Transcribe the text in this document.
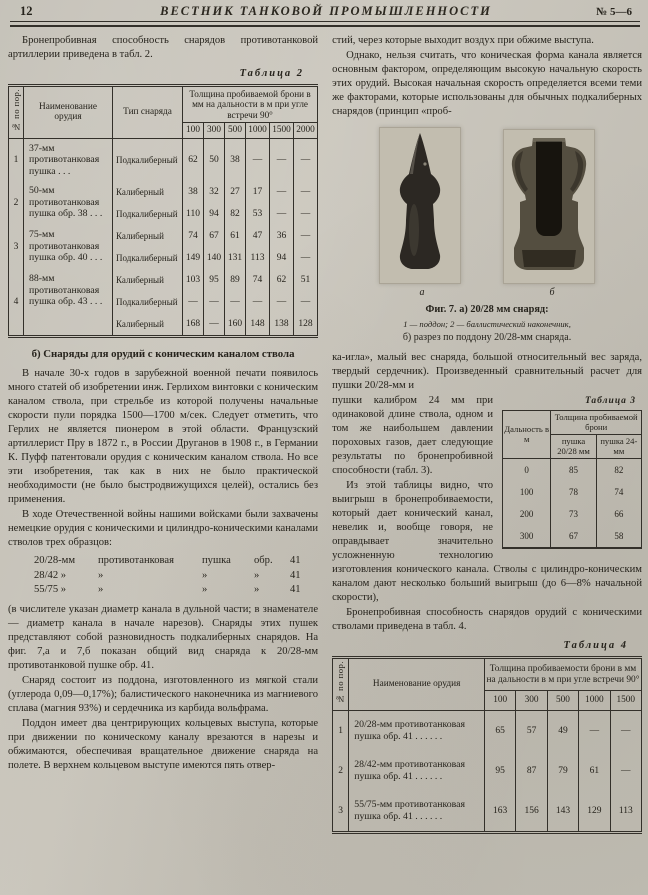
12	ВЕСТНИК ТАНКОВОЙ ПРОМЫШЛЕННОСТИ	№ 5—6

Бронепробивная способность снарядов противотанковой артиллерии приведена в табл. 2.

Таблица 2
№ по пор.	Наименование орудия	Тип снаряда	Толщина пробиваемой брони в мм на дальности в м при угле встречи 90°					
			100	300	500	1000	1500	2000
1	37-мм противотанковая пушка . . .	Подкалиберный	62	50	38	—	—	—
2	50-мм противотанковая пушка обр. 38 . . .	Калиберный	38	32	27	17	—	—
		Подкалиберный	110	94	82	53	—	—
3	75-мм противотанковая пушка обр. 40 . . .	Калиберный	74	67	61	47	36	—
		Подкалиберный	149	140	131	113	94	—
4	88-мм противотанковая пушка обр. 43 . . .	Калиберный	103	95	89	74	62	51
		Подкалиберный	—	—	—	—	—	—
		Калиберный	168	—	160	148	138	128
б) Снаряды для орудий с коническим каналом ствола

В начале 30-х годов в зарубежной военной печати появилось много статей об изобретении инж. Герлихом винтовки с коническим каналом ствола, при стрельбе из которой получены начальные скорости пули порядка 1500—1700 м/сек. Следует отметить, что Герлих не является пионером в этой области. Французский артиллерист Пру в 1872 г., в России Друганов в 1908 г., в Германии К. Пуфф патентовали орудия с коническим каналом ствола. Но все эти изобретения, так как в них не было практической необходимости (не было быстродвижущихся целей), остались без применения.

В ходе Отечественной войны нашими войсками были захвачены немецкие орудия с коническими и цилиндро-коническими каналами стволов трех образцов:

20/28-мм	противотанковая	пушка	обр.	41
28/42 »	»	»	»	41
55/75 »	»	»	»	41

(в числителе указан диаметр канала в дульной части; в знаменателе — диаметр канала в начале нарезов). Снаряды этих пушек представляют собой разновидность подкалиберных снарядов. На фиг. 7,а и 7,б показан общий вид снаряда к 20/28-мм противотанковой пушке обр. 41.

Снаряд состоит из поддона, изготовленного из мягкой стали (углерода 0,09—0,17%); балистического наконечника из магниевого сплава (магния 93%) и сердечника из карбида вольфрама.

Поддон имеет два центрирующих кольцевых выступа, которые при движении по коническому каналу врезаются в нарезы и обжимаются, обеспечивая вращательное движение снаряда на полете. В верхнем кольцевом выступе имеются пять отвер-

стий, через которые выходит воздух при обжиме выступа.

Однако, нельзя считать, что коническая форма канала является основным фактором, определяющим высокую начальную скорость этих орудий. Высокая начальная скорость определяется всеми теми же факторами, которые использованы для обычных подкалиберных снарядов (принцип «проб-

а	б
Фиг. 7. а) 20/28 мм снаряд:
1 — поддон; 2 — баллистический наконечник,
б) разрез по поддону 20/28-мм снаряда.

ка-игла», малый вес снаряда, большой относительный вес заряда, твердый сердечник). Произведенный сравнительный расчет для пушки 20/28-мм и

Таблица 3
Дальность в м	Толщина пробиваемой брони	
	пушка 20/28 мм	пушка 24-мм
0	85	82
100	78	74
200	73	66
300	67	58

пушки калибром 24 мм при одинаковой длине ствола, одном и том же наибольшем давлении пороховых газов, дает следующие результаты по бронепробивной способности (табл. 3).

Из этой таблицы видно, что выигрыш в бронепробиваемости, который дает конический канал, невелик и, вообще говоря, не оправдывает значительно усложненную технологию изготовления конического канала. Стволы с цилиндро-коническим каналом дают несколько больший выигрыш (до 6—8% начальной скорости),

Бронепробивная способность снарядов орудий с коническими стволами приведена в табл. 4.

Таблица 4
№ по пор.	Наименование орудия	Толщина пробиваемости брони в мм на дальности в м при угле встречи 90°				
		100	300	500	1000	1500
1	20/28-мм противотанковая пушка обр. 41 . . . . . .	65	57	49	—	—
2	28/42-мм противотанковая пушка обр. 41 . . . . . .	95	87	79	61	—
3	55/75-мм противотанковая пушка обр. 41 . . . . . .	163	156	143	129	113
